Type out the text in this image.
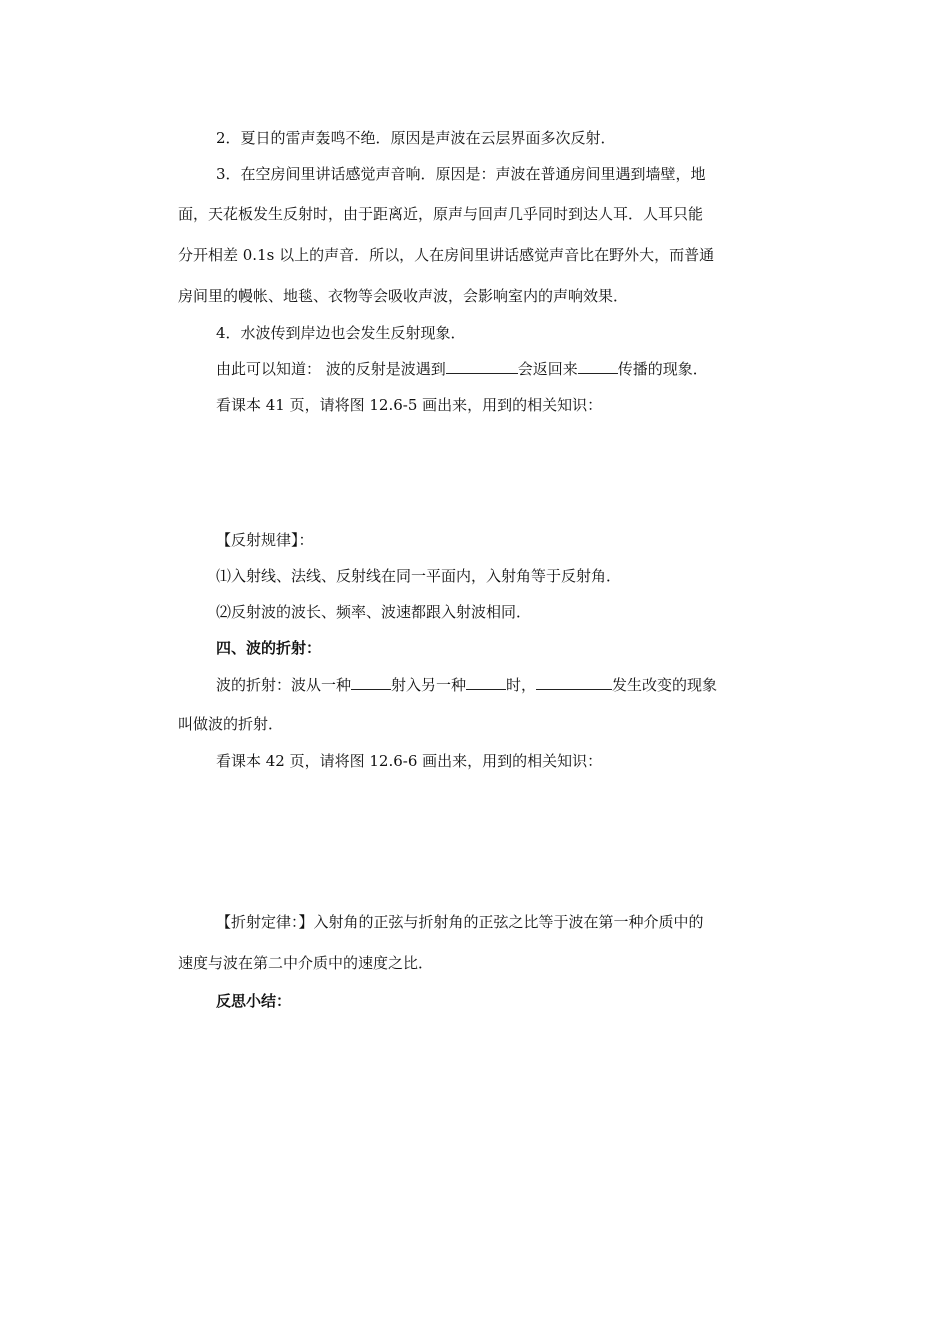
2．夏日的雷声轰鸣不绝．原因是声波在云层界面多次反射．

3．在空房间里讲话感觉声音响．原因是：声波在普通房间里遇到墙壁，地

面，天花板发生反射时，由于距离近，原声与回声几乎同时到达人耳．人耳只能

分开相差 0.1s 以上的声音．所以，人在房间里讲话感觉声音比在野外大，而普通

房间里的幔帐、地毯、衣物等会吸收声波，会影响室内的声响效果．

4．水波传到岸边也会发生反射现象．

由此可以知道： 波的反射是波遇到	会返回来	传播的现象．

看课本 41 页，请将图 12.6-5 画出来，用到的相关知识：

【反射规律】：

⑴入射线、法线、反射线在同一平面内，入射角等于反射角．

⑵反射波的波长、频率、波速都跟入射波相同．

四、波的折射：

波的折射：波从一种	射入另一种	时，	发生改变的现象

叫做波的折射．

看课本 42 页，请将图 12.6-6 画出来，用到的相关知识：

【折射定律：】入射角的正弦与折射角的正弦之比等于波在第一种介质中的

速度与波在第二中介质中的速度之比．

反思小结：
